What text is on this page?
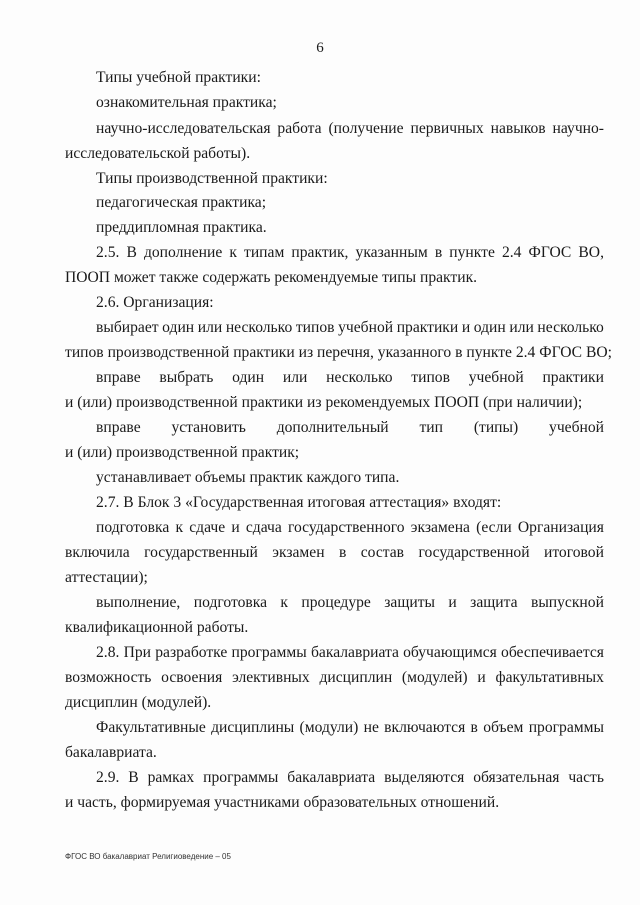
6
Типы учебной практики:
ознакомительная практика;
научно-исследовательская работа (получение первичных навыков научно-
исследовательской работы).
Типы производственной практики:
педагогическая практика;
преддипломная практика.
2.5. В дополнение к типам практик, указанным в пункте 2.4 ФГОС ВО,
ПООП может также содержать рекомендуемые типы практик.
2.6. Организация:
выбирает один или несколько типов учебной практики и один или несколько
типов производственной практики из перечня, указанного в пункте 2.4 ФГОС ВО;
вправе выбрать один или несколько типов учебной практики
и (или) производственной практики из рекомендуемых ПООП (при наличии);
вправе установить дополнительный тип (типы) учебной
и (или) производственной практик;
устанавливает объемы практик каждого типа.
2.7. В Блок 3 «Государственная итоговая аттестация» входят:
подготовка к сдаче и сдача государственного экзамена (если Организация
включила государственный экзамен в состав государственной итоговой
аттестации);
выполнение, подготовка к процедуре защиты и защита выпускной
квалификационной работы.
2.8. При разработке программы бакалавриата обучающимся обеспечивается
возможность освоения элективных дисциплин (модулей) и факультативных
дисциплин (модулей).
Факультативные дисциплины (модули) не включаются в объем программы
бакалавриата.
2.9. В рамках программы бакалавриата выделяются обязательная часть
и часть, формируемая участниками образовательных отношений.
ФГОС ВО бакалавриат Религиоведение – 05
